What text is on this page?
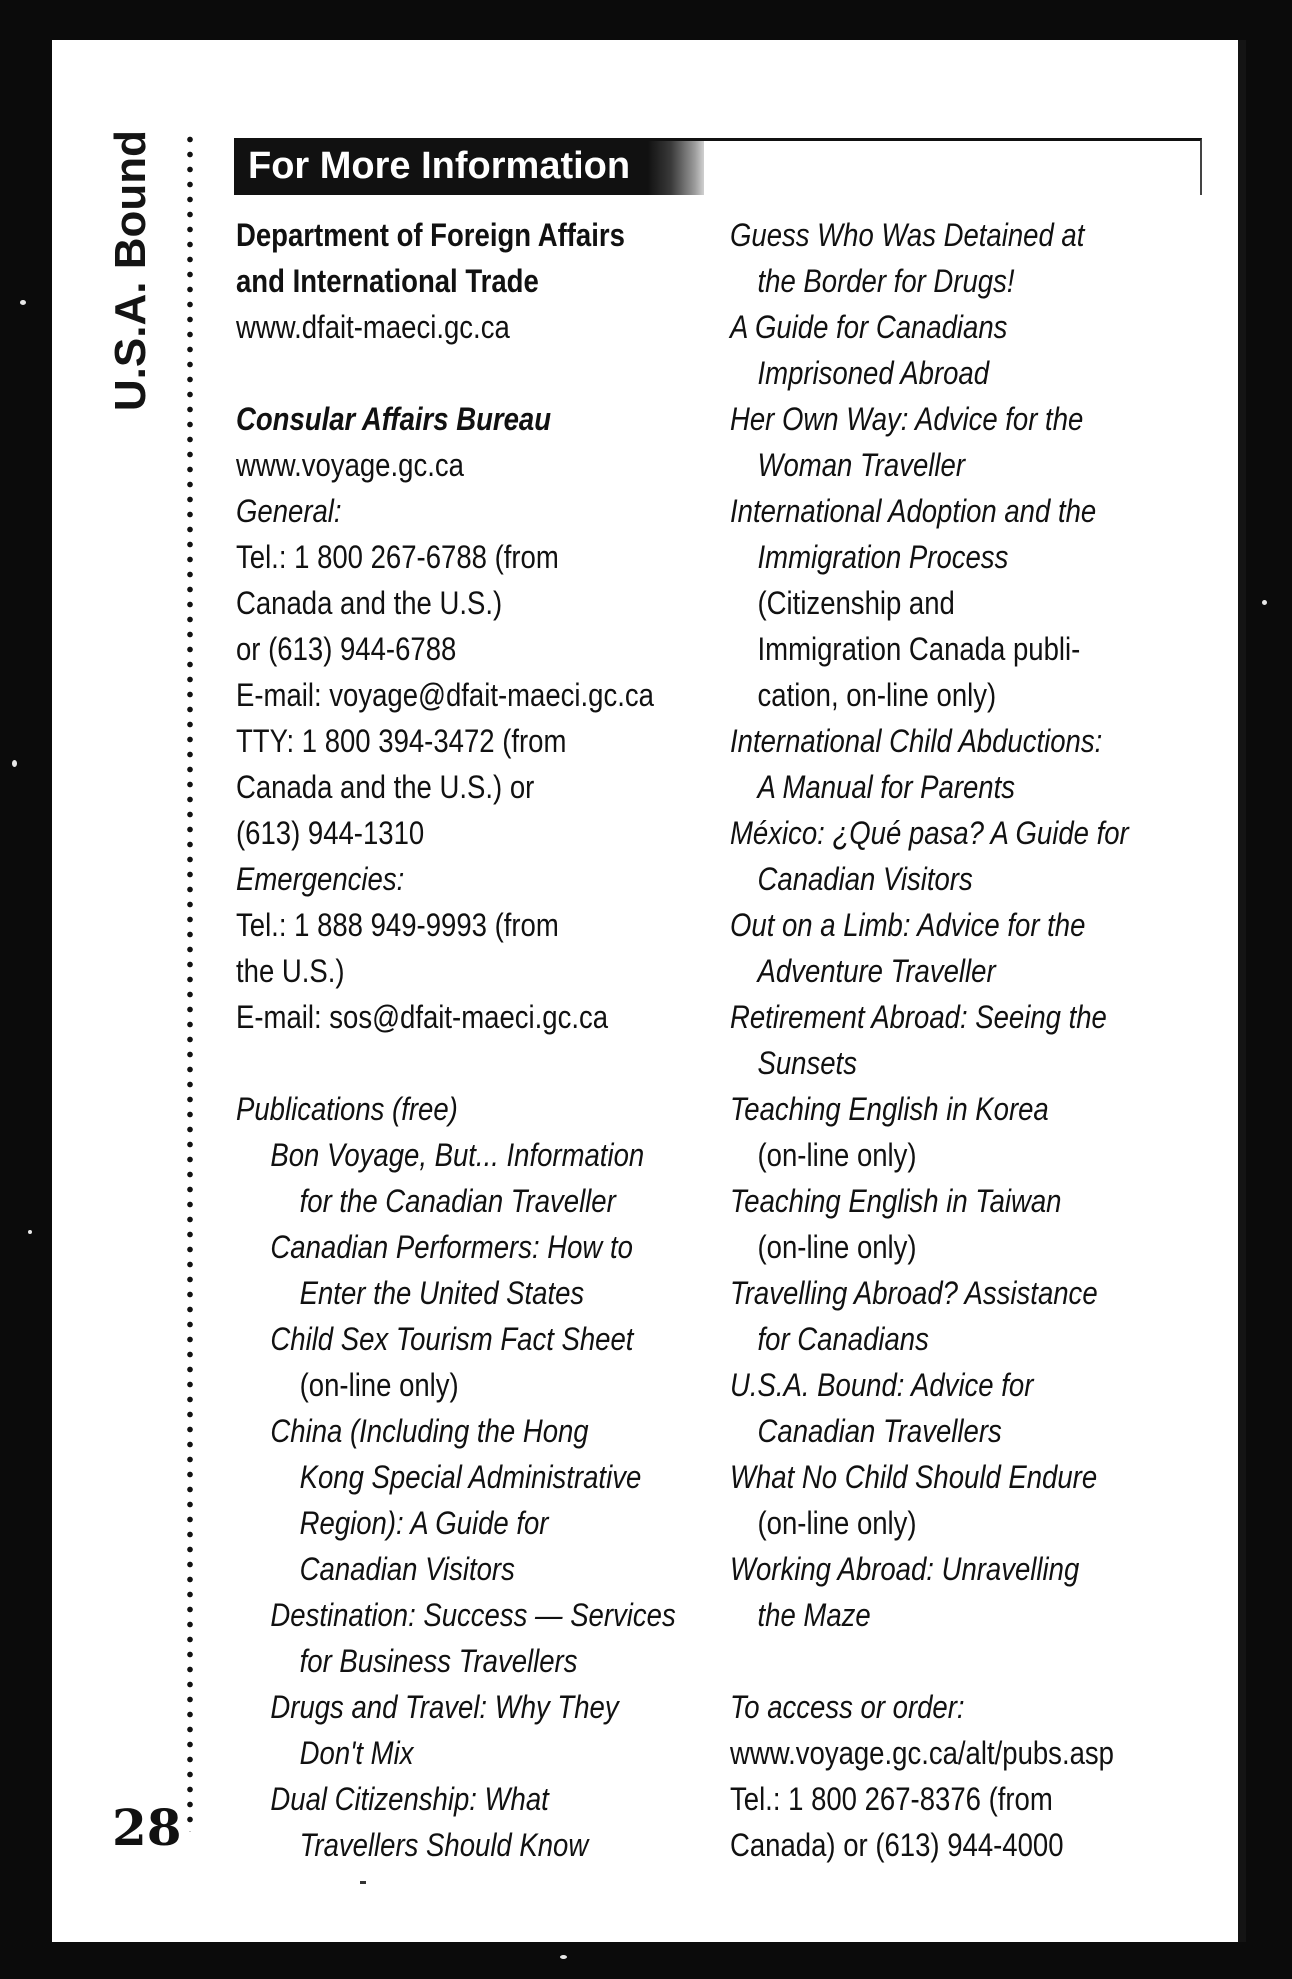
U.S.A. Bound
28
For More Information
Department of Foreign Affairs
and International Trade
www.dfait-maeci.gc.ca
Consular Affairs Bureau
www.voyage.gc.ca
General:
Tel.: 1 800 267-6788 (from
Canada and the U.S.)
or (613) 944-6788
E-mail: voyage@dfait-maeci.gc.ca
TTY: 1 800 394-3472 (from
Canada and the U.S.) or
(613) 944-1310
Emergencies:
Tel.: 1 888 949-9993 (from
the U.S.)
E-mail: sos@dfait-maeci.gc.ca
Publications (free)
Bon Voyage, But... Information
for the Canadian Traveller
Canadian Performers: How to
Enter the United States
Child Sex Tourism Fact Sheet
(on-line only)
China (Including the Hong
Kong Special Administrative
Region): A Guide for
Canadian Visitors
Destination: Success — Services
for Business Travellers
Drugs and Travel: Why They
Don't Mix
Dual Citizenship: What
Travellers Should Know
Guess Who Was Detained at
the Border for Drugs!
A Guide for Canadians
Imprisoned Abroad
Her Own Way: Advice for the
Woman Traveller
International Adoption and the
Immigration Process
(Citizenship and
Immigration Canada publi-
cation, on-line only)
International Child Abductions:
A Manual for Parents
México: ¿Qué pasa? A Guide for
Canadian Visitors
Out on a Limb: Advice for the
Adventure Traveller
Retirement Abroad: Seeing the
Sunsets
Teaching English in Korea
(on-line only)
Teaching English in Taiwan
(on-line only)
Travelling Abroad? Assistance
for Canadians
U.S.A. Bound: Advice for
Canadian Travellers
What No Child Should Endure
(on-line only)
Working Abroad: Unravelling
the Maze
To access or order:
www.voyage.gc.ca/alt/pubs.asp
Tel.: 1 800 267-8376 (from
Canada) or (613) 944-4000
